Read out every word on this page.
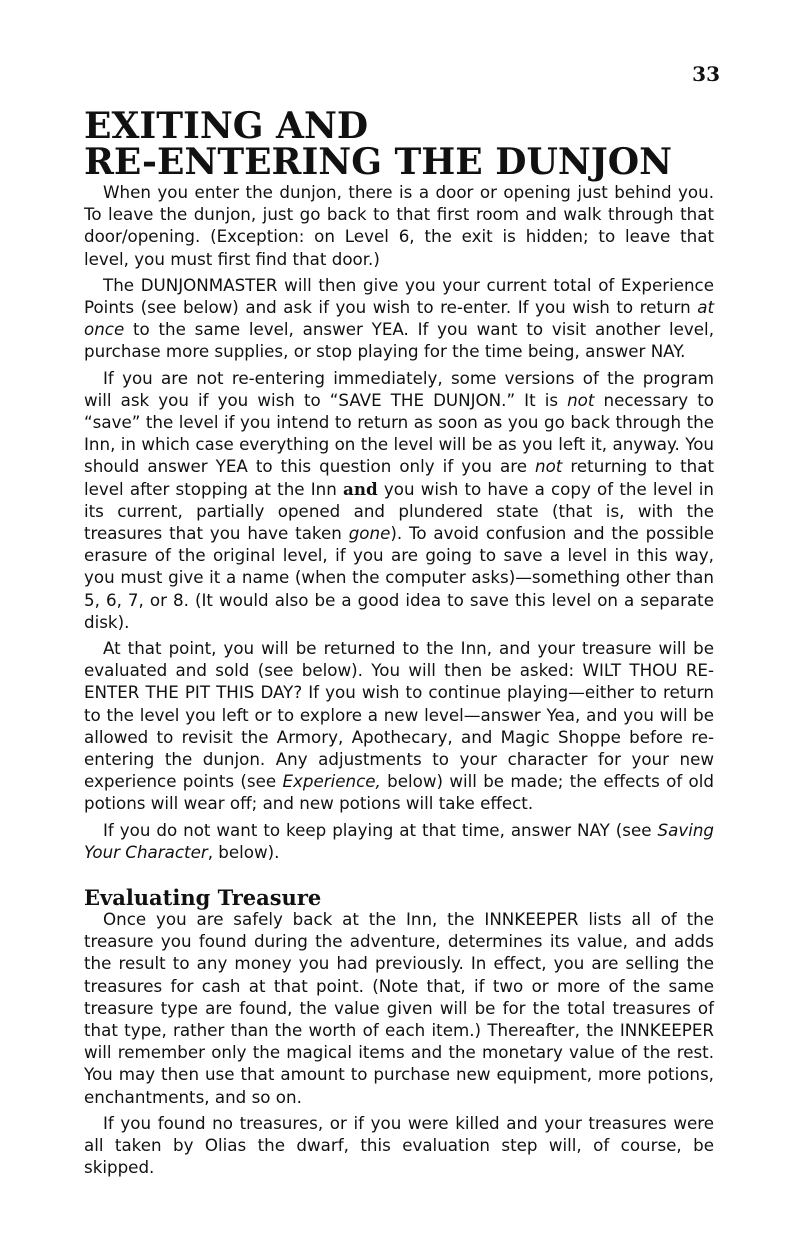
33
EXITING AND
RE-ENTERING THE DUNJON

When you enter the dunjon, there is a door or opening just behind you. To leave the dunjon, just go back to that first room and walk through that door/opening. (Exception: on Level 6, the exit is hidden; to leave that level, you must first find that door.)

The DUNJONMASTER will then give you your current total of Experience Points (see below) and ask if you wish to re-enter. If you wish to return at once to the same level, answer YEA. If you want to visit another level, purchase more supplies, or stop playing for the time being, answer NAY.

If you are not re-entering immediately, some versions of the program will ask you if you wish to “SAVE THE DUNJON.” It is not necessary to “save” the level if you intend to return as soon as you go back through the Inn, in which case everything on the level will be as you left it, anyway. You should answer YEA to this question only if you are not returning to that level after stopping at the Inn and you wish to have a copy of the level in its current, partially opened and plundered state (that is, with the treasures that you have taken gone). To avoid confusion and the possible erasure of the original level, if you are going to save a level in this way, you must give it a name (when the computer asks)—something other than 5, 6, 7, or 8. (It would also be a good idea to save this level on a separate disk).

At that point, you will be returned to the Inn, and your treasure will be evaluated and sold (see below). You will then be asked: WILT THOU RE-ENTER THE PIT THIS DAY? If you wish to continue playing—either to return to the level you left or to explore a new level—answer Yea, and you will be allowed to revisit the Armory, Apothecary, and Magic Shoppe before re-entering the dunjon. Any adjustments to your character for your new experience points (see Experience, below) will be made; the effects of old potions will wear off; and new potions will take effect.

If you do not want to keep playing at that time, answer NAY (see Saving Your Character, below).

Evaluating Treasure

Once you are safely back at the Inn, the INNKEEPER lists all of the treasure you found during the adventure, determines its value, and adds the result to any money you had previously. In effect, you are selling the treasures for cash at that point. (Note that, if two or more of the same treasure type are found, the value given will be for the total treasures of that type, rather than the worth of each item.) Thereafter, the INNKEEPER will remember only the magical items and the monetary value of the rest. You may then use that amount to purchase new equipment, more potions, enchantments, and so on.

If you found no treasures, or if you were killed and your treasures were all taken by Olias the dwarf, this evaluation step will, of course, be skipped.
